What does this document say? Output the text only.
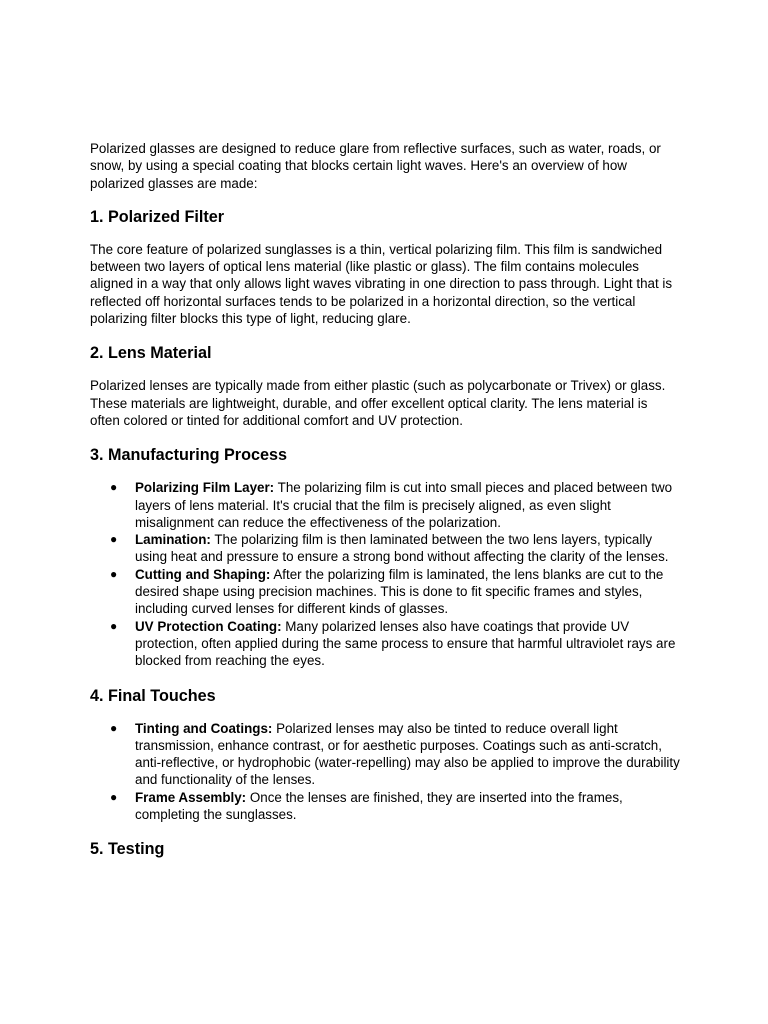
Polarized glasses are designed to reduce glare from reflective surfaces, such as water, roads, or snow, by using a special coating that blocks certain light waves. Here's an overview of how polarized glasses are made:

1. Polarized Filter

The core feature of polarized sunglasses is a thin, vertical polarizing film. This film is sandwiched between two layers of optical lens material (like plastic or glass). The film contains molecules aligned in a way that only allows light waves vibrating in one direction to pass through. Light that is reflected off horizontal surfaces tends to be polarized in a horizontal direction, so the vertical polarizing filter blocks this type of light, reducing glare.

2. Lens Material

Polarized lenses are typically made from either plastic (such as polycarbonate or Trivex) or glass. These materials are lightweight, durable, and offer excellent optical clarity. The lens material is often colored or tinted for additional comfort and UV protection.

3. Manufacturing Process
● Polarizing Film Layer: The polarizing film is cut into small pieces and placed between two layers of lens material. It's crucial that the film is precisely aligned, as even slight misalignment can reduce the effectiveness of the polarization.
● Lamination: The polarizing film is then laminated between the two lens layers, typically using heat and pressure to ensure a strong bond without affecting the clarity of the lenses.
● Cutting and Shaping: After the polarizing film is laminated, the lens blanks are cut to the desired shape using precision machines. This is done to fit specific frames and styles, including curved lenses for different kinds of glasses.
● UV Protection Coating: Many polarized lenses also have coatings that provide UV protection, often applied during the same process to ensure that harmful ultraviolet rays are blocked from reaching the eyes.
4. Final Touches
● Tinting and Coatings: Polarized lenses may also be tinted to reduce overall light transmission, enhance contrast, or for aesthetic purposes. Coatings such as anti-scratch, anti-reflective, or hydrophobic (water-repelling) may also be applied to improve the durability and functionality of the lenses.
● Frame Assembly: Once the lenses are finished, they are inserted into the frames, completing the sunglasses.
5. Testing
